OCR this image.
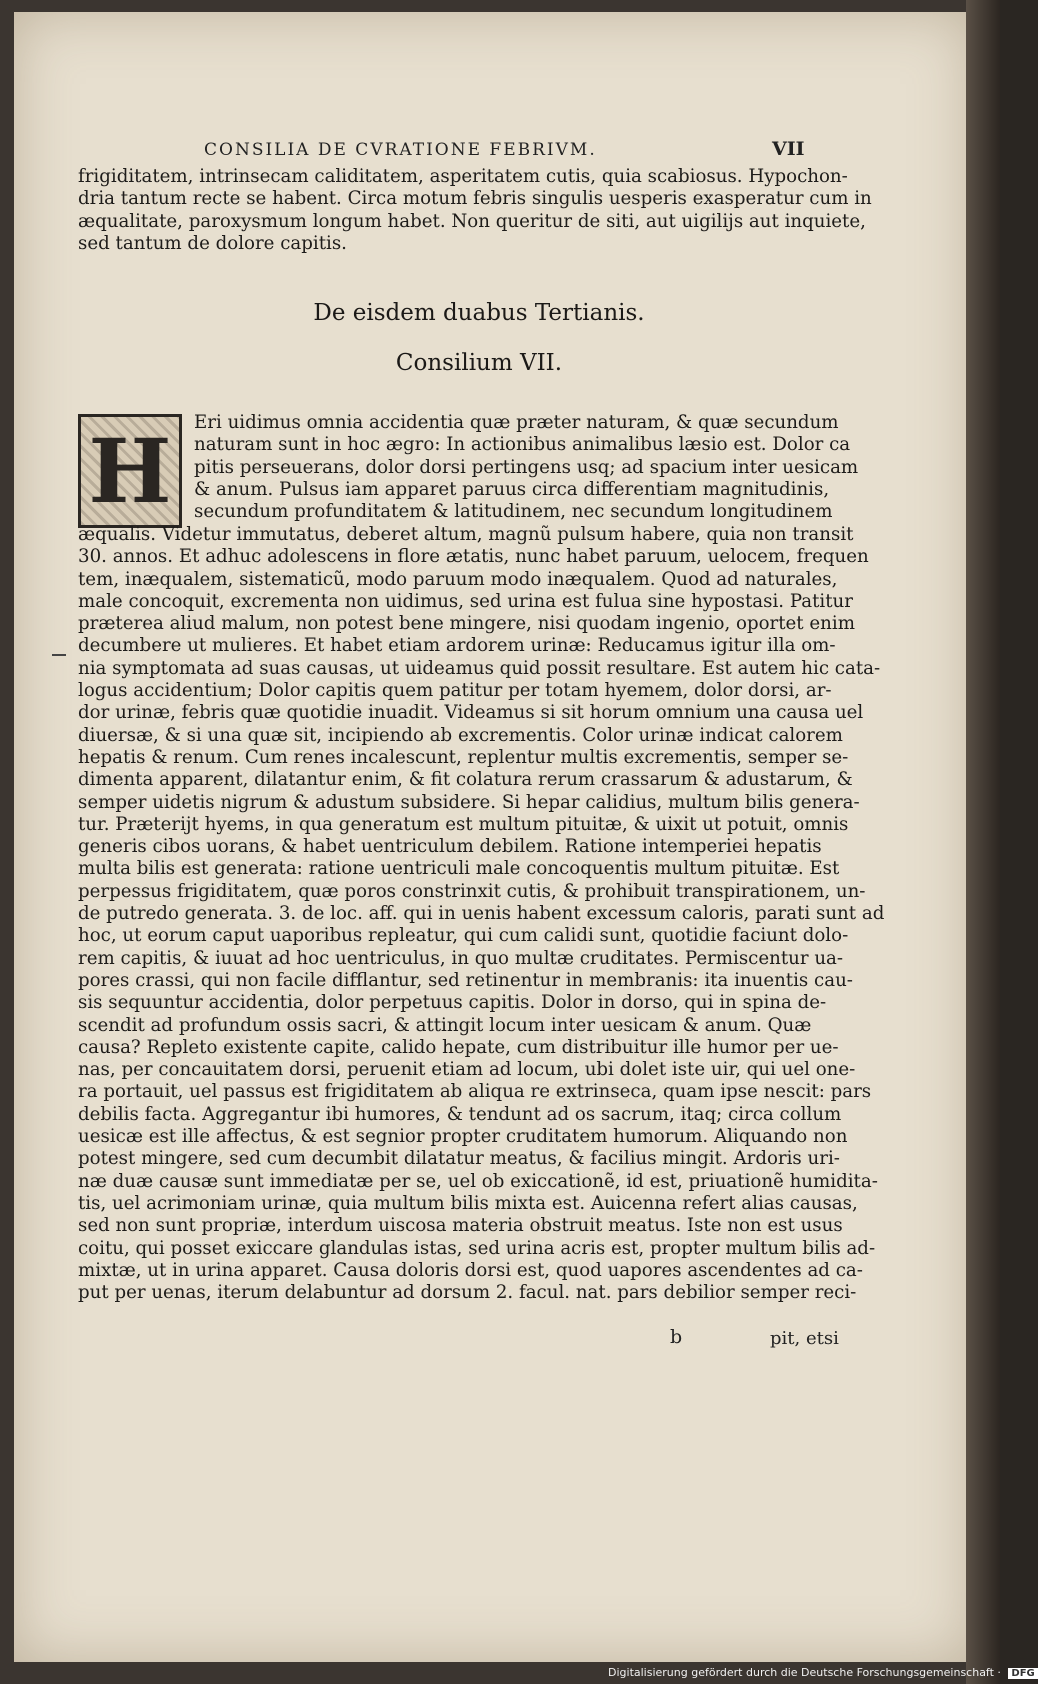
CONSILIA DE CVRATIONE FEBRIVM.	VII

frigiditatem, intrinsecam caliditatem, asperitatem cutis, quia scabiosus. Hypochon-

dria tantum recte se habent. Circa motum febris singulis uesperis exasperatur cum in

æqualitate, paroxysmum longum habet. Non queritur de siti, aut uigilijs aut inquiete,

sed tantum de dolore capitis.

De eisdem duabus Tertianis.
Consilium VII.
H	Eri uidimus omnia accidentia quæ præter naturam, & quæ secundum

naturam sunt in hoc ægro: In actionibus animalibus læsio est. Dolor ca

pitis perseuerans, dolor dorsi pertingens usq; ad spacium inter uesicam

& anum. Pulsus iam apparet paruus circa differentiam magnitudinis,

secundum profunditatem & latitudinem, nec secundum longitudinem

æqualis. Videtur immutatus, deberet altum, magnũ pulsum habere, quia non transit

30. annos. Et adhuc adolescens in flore ætatis, nunc habet paruum, uelocem, frequen

tem, inæqualem, sistematicũ, modo paruum modo inæqualem. Quod ad naturales,

male concoquit, excrementa non uidimus, sed urina est fulua sine hypostasi. Patitur

præterea aliud malum, non potest bene mingere, nisi quodam ingenio, oportet enim

decumbere ut mulieres. Et habet etiam ardorem urinæ: Reducamus igitur illa om-

nia symptomata ad suas causas, ut uideamus quid possit resultare. Est autem hic cata-

logus accidentium; Dolor capitis quem patitur per totam hyemem, dolor dorsi, ar-

dor urinæ, febris quæ quotidie inuadit. Videamus si sit horum omnium una causa uel

diuersæ, & si una quæ sit, incipiendo ab excrementis. Color urinæ indicat calorem

hepatis & renum. Cum renes incalescunt, replentur multis excrementis, semper se-

dimenta apparent, dilatantur enim, & fit colatura rerum crassarum & adustarum, &

semper uidetis nigrum & adustum subsidere. Si hepar calidius, multum bilis genera-

tur. Præterijt hyems, in qua generatum est multum pituitæ, & uixit ut potuit, omnis

generis cibos uorans, & habet uentriculum debilem. Ratione intemperiei hepatis

multa bilis est generata: ratione uentriculi male concoquentis multum pituitæ. Est

perpessus frigiditatem, quæ poros constrinxit cutis, & prohibuit transpirationem, un-

de putredo generata. 3. de loc. aff. qui in uenis habent excessum caloris, parati sunt ad

hoc, ut eorum caput uaporibus repleatur, qui cum calidi sunt, quotidie faciunt dolo-

rem capitis, & iuuat ad hoc uentriculus, in quo multæ cruditates. Permiscentur ua-

pores crassi, qui non facile difflantur, sed retinentur in membranis: ita inuentis cau-

sis sequuntur accidentia, dolor perpetuus capitis. Dolor in dorso, qui in spina de-

scendit ad profundum ossis sacri, & attingit locum inter uesicam & anum. Quæ

causa? Repleto existente capite, calido hepate, cum distribuitur ille humor per ue-

nas, per concauitatem dorsi, peruenit etiam ad locum, ubi dolet iste uir, qui uel one-

ra portauit, uel passus est frigiditatem ab aliqua re extrinseca, quam ipse nescit: pars

debilis facta. Aggregantur ibi humores, & tendunt ad os sacrum, itaq; circa collum

uesicæ est ille affectus, & est segnior propter cruditatem humorum. Aliquando non

potest mingere, sed cum decumbit dilatatur meatus, & facilius mingit. Ardoris uri-

næ duæ causæ sunt immediatæ per se, uel ob exiccationẽ, id est, priuationẽ humidita-

tis, uel acrimoniam urinæ, quia multum bilis mixta est. Auicenna refert alias causas,

sed non sunt propriæ, interdum uiscosa materia obstruit meatus. Iste non est usus

coitu, qui posset exiccare glandulas istas, sed urina acris est, propter multum bilis ad-

mixtæ, ut in urina apparet. Causa doloris dorsi est, quod uapores ascendentes ad ca-

put per uenas, iterum delabuntur ad dorsum 2. facul. nat. pars debilior semper reci-

b	pit, etsi
Digitalisierung gefördert durch die Deutsche Forschungsgemeinschaft · DFG
